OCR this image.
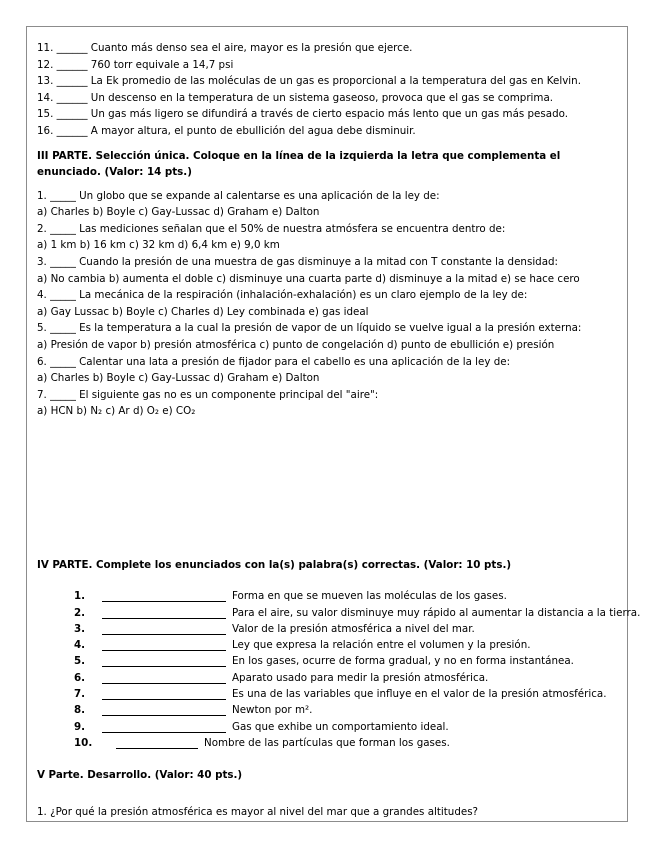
11. ______ Cuanto más denso sea el aire, mayor es la presión que ejerce.
12. ______ 760 torr equivale a 14,7 psi
13. ______ La Ek promedio de las moléculas de un gas es proporcional a la temperatura del gas en Kelvin.
14. ______ Un descenso en la temperatura de un sistema gaseoso, provoca que el gas se comprima.
15. ______ Un gas más ligero se difundirá a través de cierto espacio más lento que un gas más pesado.
16. ______ A mayor altura, el punto de ebullición del agua debe disminuir.
III PARTE. Selección única. Coloque en la línea de la izquierda la letra que complementa el enunciado. (Valor: 14 pts.)
1. _____ Un globo que se expande al calentarse es una aplicación de la ley de:
a) Charles b) Boyle c) Gay-Lussac d) Graham e) Dalton
2. _____ Las mediciones señalan que el 50% de nuestra atmósfera se encuentra dentro de:
a) 1 km b) 16 km c) 32 km d) 6,4 km e) 9,0 km
3. _____ Cuando la presión de una muestra de gas disminuye a la mitad con T constante la densidad:
a) No cambia b) aumenta el doble c) disminuye una cuarta parte d) disminuye a la mitad e) se hace cero
4. _____ La mecánica de la respiración (inhalación-exhalación) es un claro ejemplo de la ley de:
a) Gay Lussac b) Boyle c) Charles d) Ley combinada e) gas ideal
5. _____ Es la temperatura a la cual la presión de vapor de un líquido se vuelve igual a la presión externa:
a) Presión de vapor b) presión atmosférica c) punto de congelación d) punto de ebullición e) presión
6. _____ Calentar una lata a presión de fijador para el cabello es una aplicación de la ley de:
a) Charles b) Boyle c) Gay-Lussac d) Graham e) Dalton
7. _____ El siguiente gas no es un componente principal del "aire":
a) HCN b) N₂ c) Ar d) O₂ e) CO₂
IV PARTE. Complete los enunciados con la(s) palabra(s) correctas. (Valor: 10 pts.)
1.	Forma en que se mueven las moléculas de los gases.
2.	Para el aire, su valor disminuye muy rápido al aumentar la distancia a la tierra.
3.	Valor de la presión atmosférica a nivel del mar.
4.	Ley que expresa la relación entre el volumen y la presión.
5.	En los gases, ocurre de forma gradual, y no en forma instantánea.
6.	Aparato usado para medir la presión atmosférica.
7.	Es una de las variables que influye en el valor de la presión atmosférica.
8.	Newton por m².
9.	Gas que exhibe un comportamiento ideal.
10.	Nombre de las partículas que forman los gases.
V Parte. Desarrollo. (Valor: 40 pts.)
1. ¿Por qué la presión atmosférica es mayor al nivel del mar que a grandes altitudes?
